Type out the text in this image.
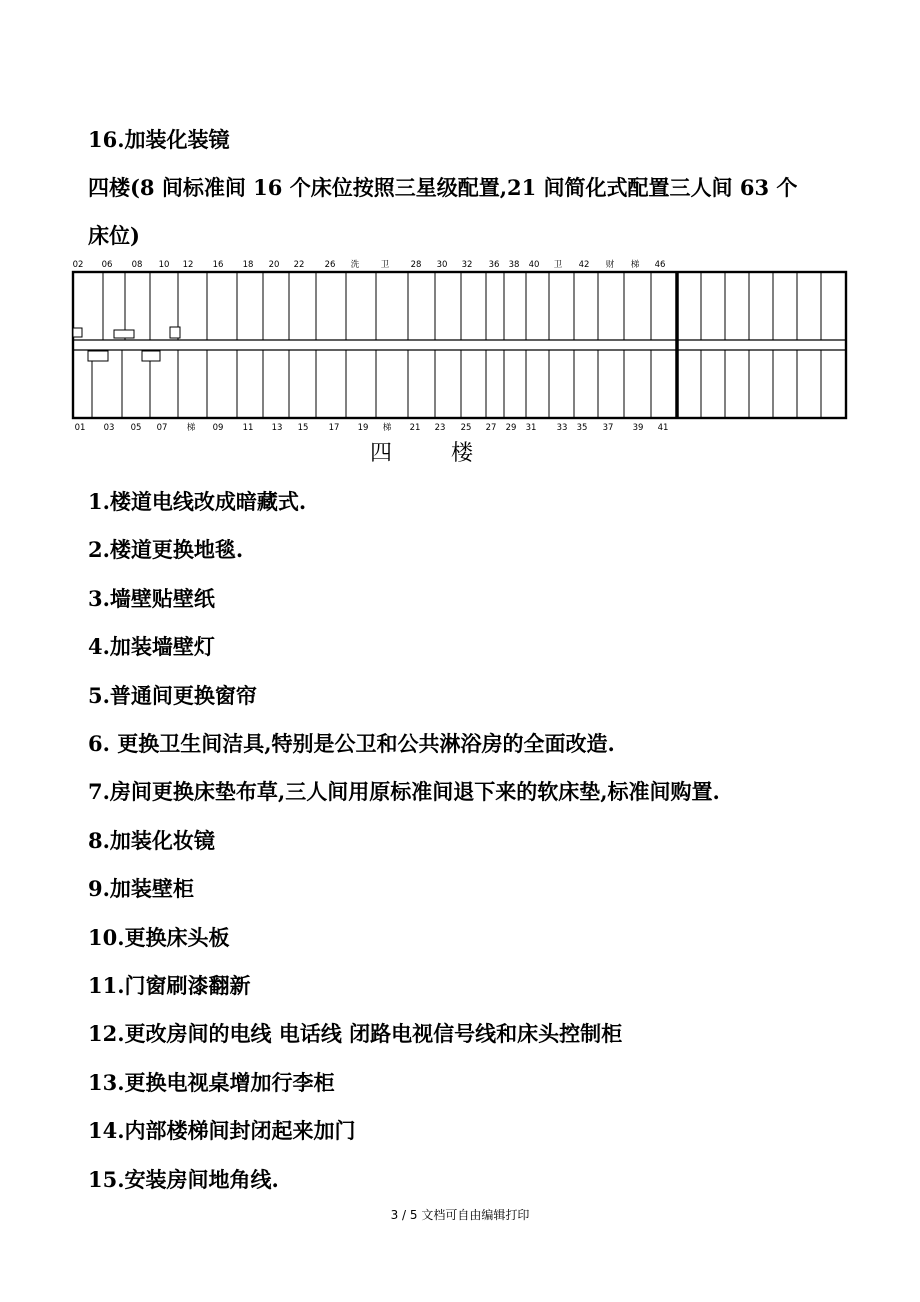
16.加装化装镜
四楼(8 间标准间 16 个床位按照三星级配置,21 间简化式配置三人间 63 个
床位)
02 06 08 10 12 16 18 20 22 26 洗	卫	28 30 32 36 38 40 卫 42 财 梯 46
01 03 05 07 梯 09 11 13 15 17 19 梯 21 23 25 27 29 31 33 35 37 39 41
四	楼
1.楼道电线改成暗藏式.
2.楼道更换地毯.
3.墙壁贴壁纸
4.加装墙壁灯
5.普通间更换窗帘
6. 更换卫生间洁具,特别是公卫和公共淋浴房的全面改造.
7.房间更换床垫布草,三人间用原标准间退下来的软床垫,标准间购置.
8.加装化妆镜
9.加装壁柜
10.更换床头板
11.门窗刷漆翻新
12.更改房间的电线 电话线 闭路电视信号线和床头控制柜
13.更换电视桌增加行李柜
14.内部楼梯间封闭起来加门
15.安装房间地角线.
3 / 5 文档可自由编辑打印
